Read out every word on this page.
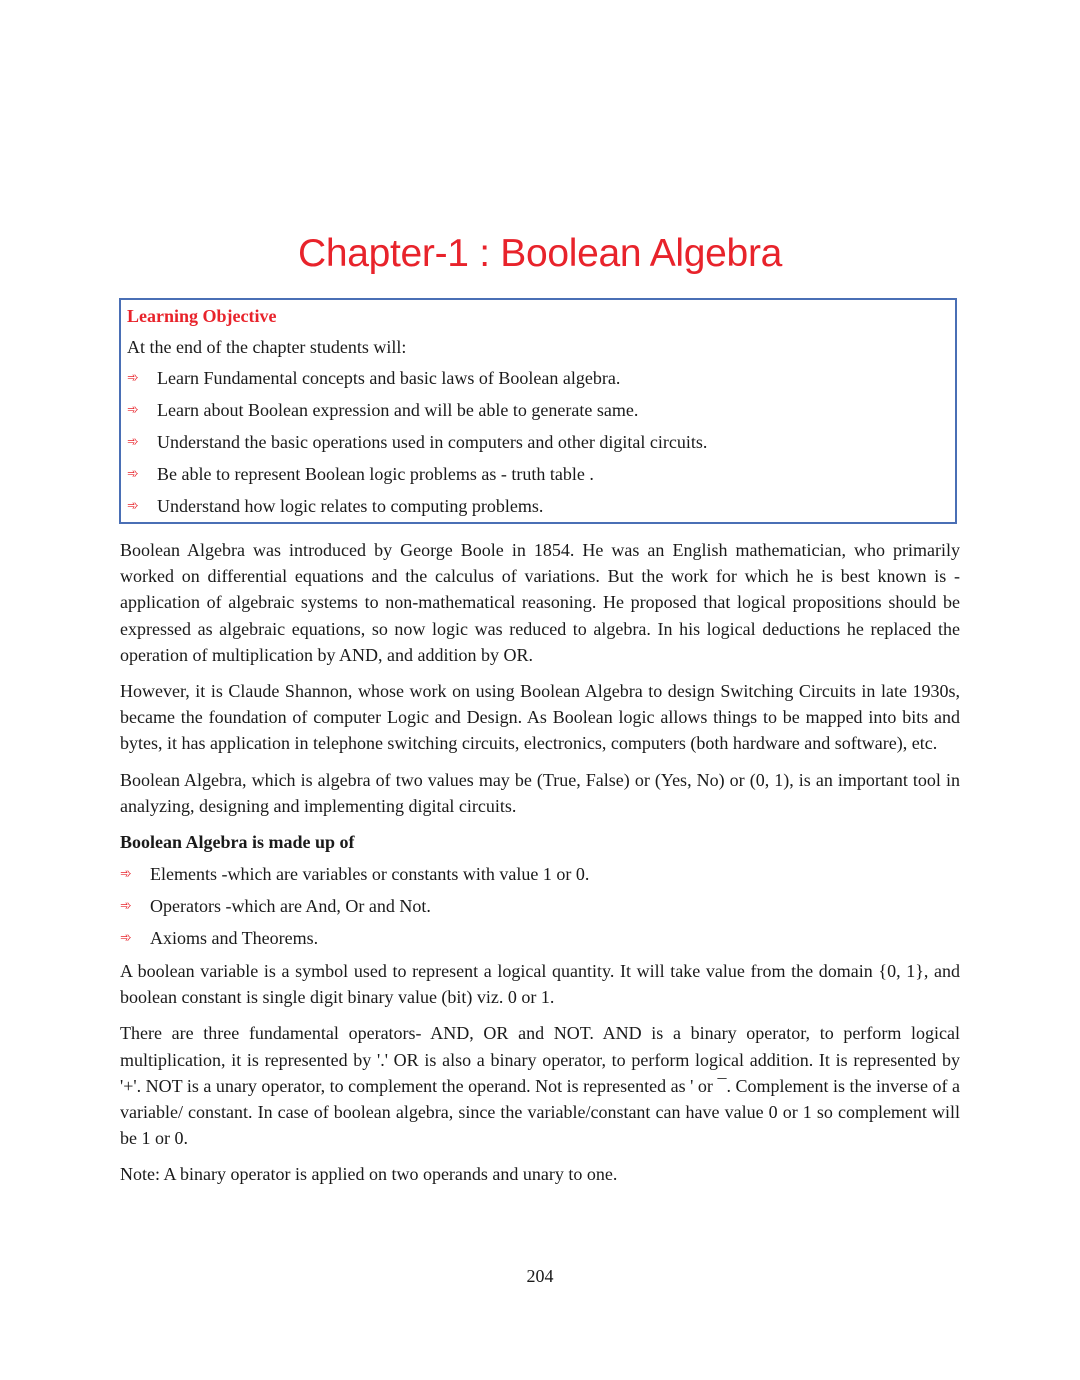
Chapter-1 : Boolean Algebra

Learning Objective

At the end of the chapter students will:

➾	Learn Fundamental concepts and basic laws of Boolean algebra.
➾	Learn about Boolean expression and will be able to generate same.
➾	Understand the basic operations used in computers and other digital circuits.
➾	Be able to represent Boolean logic problems as - truth table .
➾	Understand how logic relates to computing problems.

Boolean Algebra was introduced by George Boole in 1854. He was an English mathematician, who primarily worked on differential equations and the calculus of variations. But the work for which he is best known is -application of algebraic systems to non-mathematical reasoning. He proposed that logical propositions should be expressed as algebraic equations, so now logic was reduced to algebra. In his logical deductions he replaced the operation of multiplication by AND, and addition by OR.

However, it is Claude Shannon, whose work on using Boolean Algebra to design Switching Circuits in late 1930s, became the foundation of computer Logic and Design. As Boolean logic allows things to be mapped into bits and bytes, it has application in telephone switching circuits, electronics, computers (both hardware and software), etc.

Boolean Algebra, which is algebra of two values may be (True, False) or (Yes, No) or (0, 1), is an important tool in analyzing, designing and implementing digital circuits.

Boolean Algebra is made up of

➾	Elements -which are variables or constants with value 1 or 0.
➾	Operators -which are And, Or and Not.
➾	Axioms and Theorems.

A boolean variable is a symbol used to represent a logical quantity. It will take value from the domain {0, 1}, and boolean constant is single digit binary value (bit) viz. 0 or 1.

There are three fundamental operators- AND, OR and NOT. AND is a binary operator, to perform logical multiplication, it is represented by '.' OR is also a binary operator, to perform logical addition. It is represented by '+'. NOT is a unary operator, to complement the operand. Not is represented as ' or ¯. Complement is the inverse of a variable/ constant. In case of boolean algebra, since the variable/constant can have value 0 or 1 so complement will be 1 or 0.

Note: A binary operator is applied on two operands and unary to one.

204
